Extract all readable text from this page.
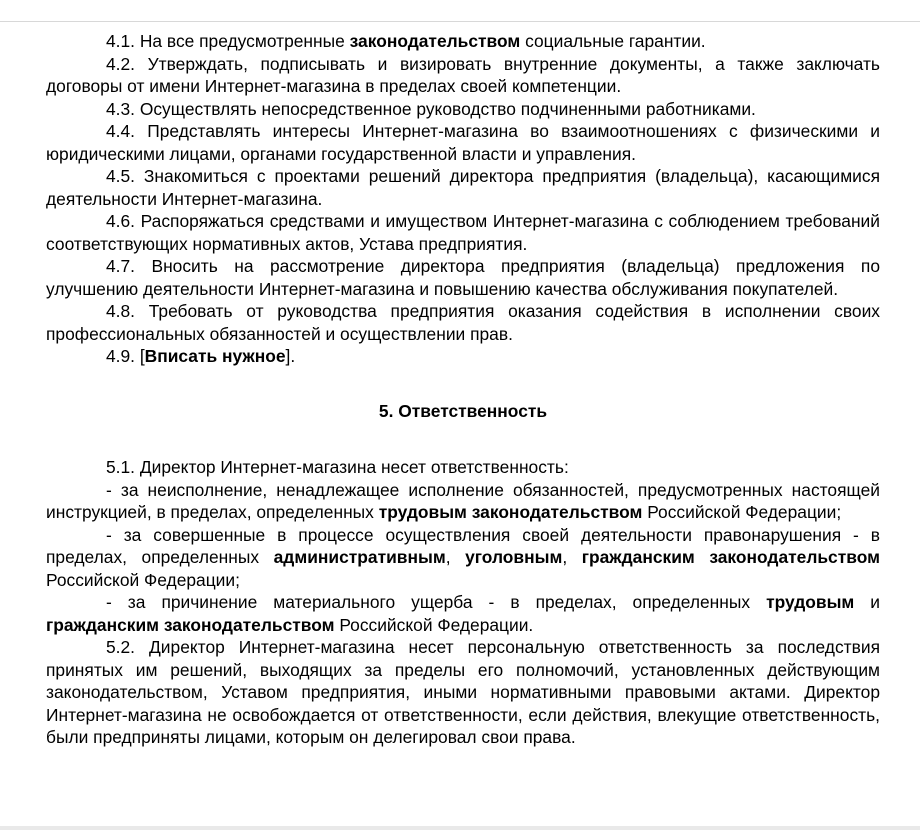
4.1. На все предусмотренные законодательством социальные гарантии.

4.2. Утверждать, подписывать и визировать внутренние документы, а также заключать договоры от имени Интернет-магазина в пределах своей компетенции.

4.3. Осуществлять непосредственное руководство подчиненными работниками.

4.4. Представлять интересы Интернет-магазина во взаимоотношениях с физическими и юридическими лицами, органами государственной власти и управления.

4.5. Знакомиться с проектами решений директора предприятия (владельца), касающимися деятельности Интернет-магазина.

4.6. Распоряжаться средствами и имуществом Интернет-магазина с соблюдением требований соответствующих нормативных актов, Устава предприятия.

4.7. Вносить на рассмотрение директора предприятия (владельца) предложения по улучшению деятельности Интернет-магазина и повышению качества обслуживания покупателей.

4.8. Требовать от руководства предприятия оказания содействия в исполнении своих профессиональных обязанностей и осуществлении прав.

4.9. [Вписать нужное].

5. Ответственность

5.1. Директор Интернет-магазина несет ответственность:

- за неисполнение, ненадлежащее исполнение обязанностей, предусмотренных настоящей инструкцией, в пределах, определенных трудовым законодательством Российской Федерации;

- за совершенные в процессе осуществления своей деятельности правонарушения - в пределах, определенных административным, уголовным, гражданским законодательством Российской Федерации;

- за причинение материального ущерба - в пределах, определенных трудовым и гражданским законодательством Российской Федерации.

5.2. Директор Интернет-магазина несет персональную ответственность за последствия принятых им решений, выходящих за пределы его полномочий, установленных действующим законодательством, Уставом предприятия, иными нормативными правовыми актами. Директор Интернет-магазина не освобождается от ответственности, если действия, влекущие ответственность, были предприняты лицами, которым он делегировал свои права.
